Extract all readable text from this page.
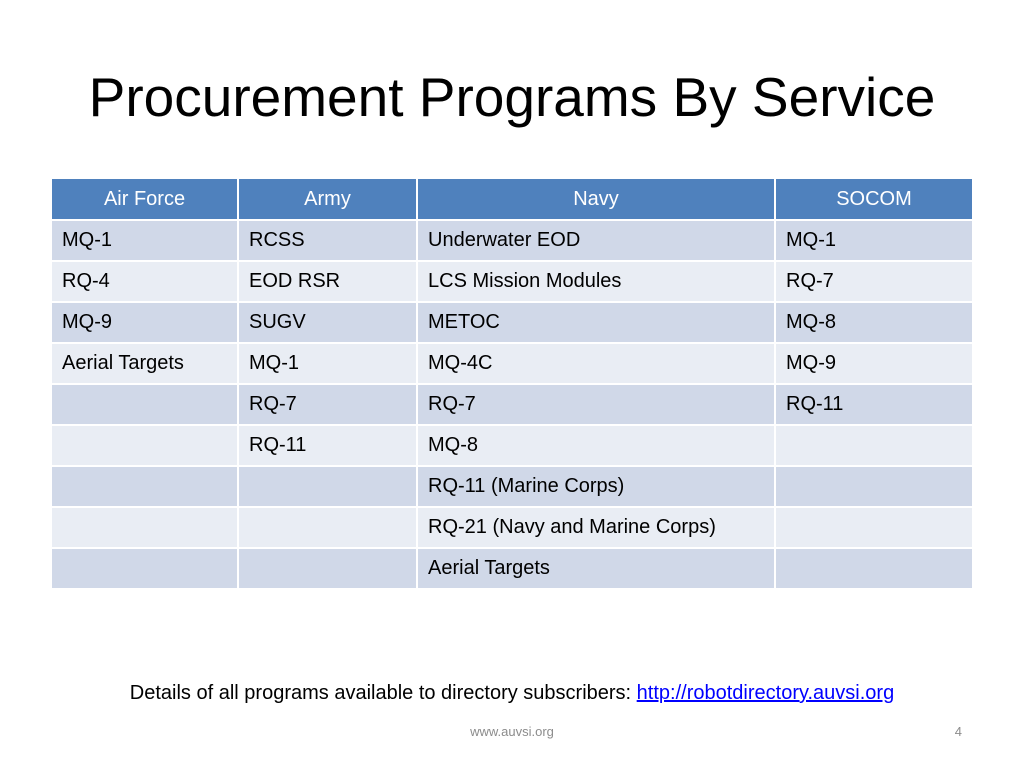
Procurement Programs By Service
Air Force	Army	Navy	SOCOM
MQ-1	RCSS	Underwater EOD	MQ-1
RQ-4	EOD RSR	LCS Mission Modules	RQ-7
MQ-9	SUGV	METOC	MQ-8
Aerial Targets	MQ-1	MQ-4C	MQ-9
	RQ-7	RQ-7	RQ-11
	RQ-11	MQ-8	
		RQ-11 (Marine Corps)	
		RQ-21 (Navy and Marine Corps)	
		Aerial Targets	
Details of all programs available to directory subscribers: http://robotdirectory.auvsi.org
www.auvsi.org	4
